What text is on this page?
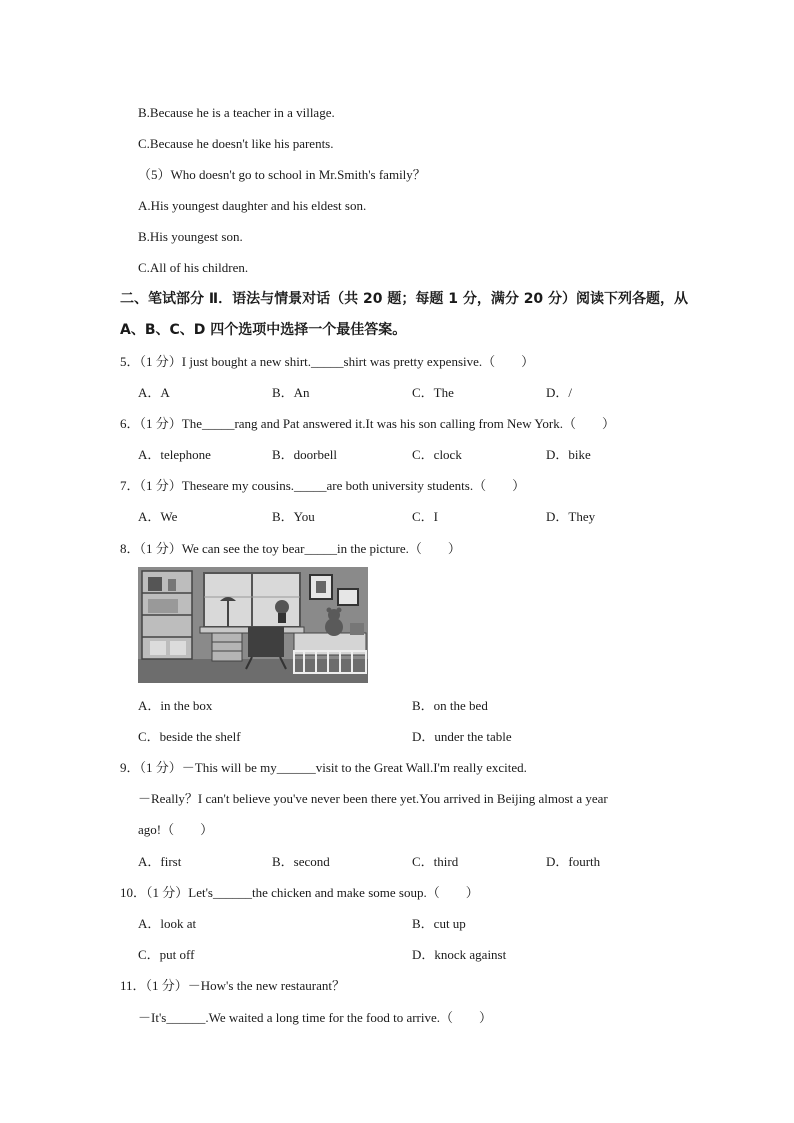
B.Because he is a teacher in a village.
C.Because he doesn't like his parents.
（5）Who doesn't go to school in Mr.Smith's family？
A.His youngest daughter and his eldest son.
B.His youngest son.
C.All of his children.
二、笔试部分 Ⅱ．语法与情景对话（共 20 题；每题 1 分，满分 20 分）阅读下列各题，从
A、B、C、D 四个选项中选择一个最佳答案。
5．（1 分）I just bought a new shirt._____shirt was pretty expensive.（　　）
A．A	B．An	C．The	D．/
6．（1 分）The_____rang and Pat answered it.It was his son calling from New York.（　　）
A．telephone	B．doorbell	C．clock	D．bike
7．（1 分）Theseare my cousins._____are both university students.（　　）
A．We	B．You	C．I	D．They
8．（1 分）We can see the toy bear_____in the picture.（　　）
A．in the box	B．on the bed
C．beside the shelf	D．under the table
9．（1 分）－This will be my______visit to the Great Wall.I'm really excited.
－Really？I can't believe you've never been there yet.You arrived in Beijing almost a year
ago!（　　）
A．first	B．second	C．third	D．fourth
10．（1 分）Let's______the chicken and make some soup.（　　）
A．look at	B．cut up
C．put off	D．knock against
11．（1 分）－How's the new restaurant？
－It's______.We waited a long time for the food to arrive.（　　）
